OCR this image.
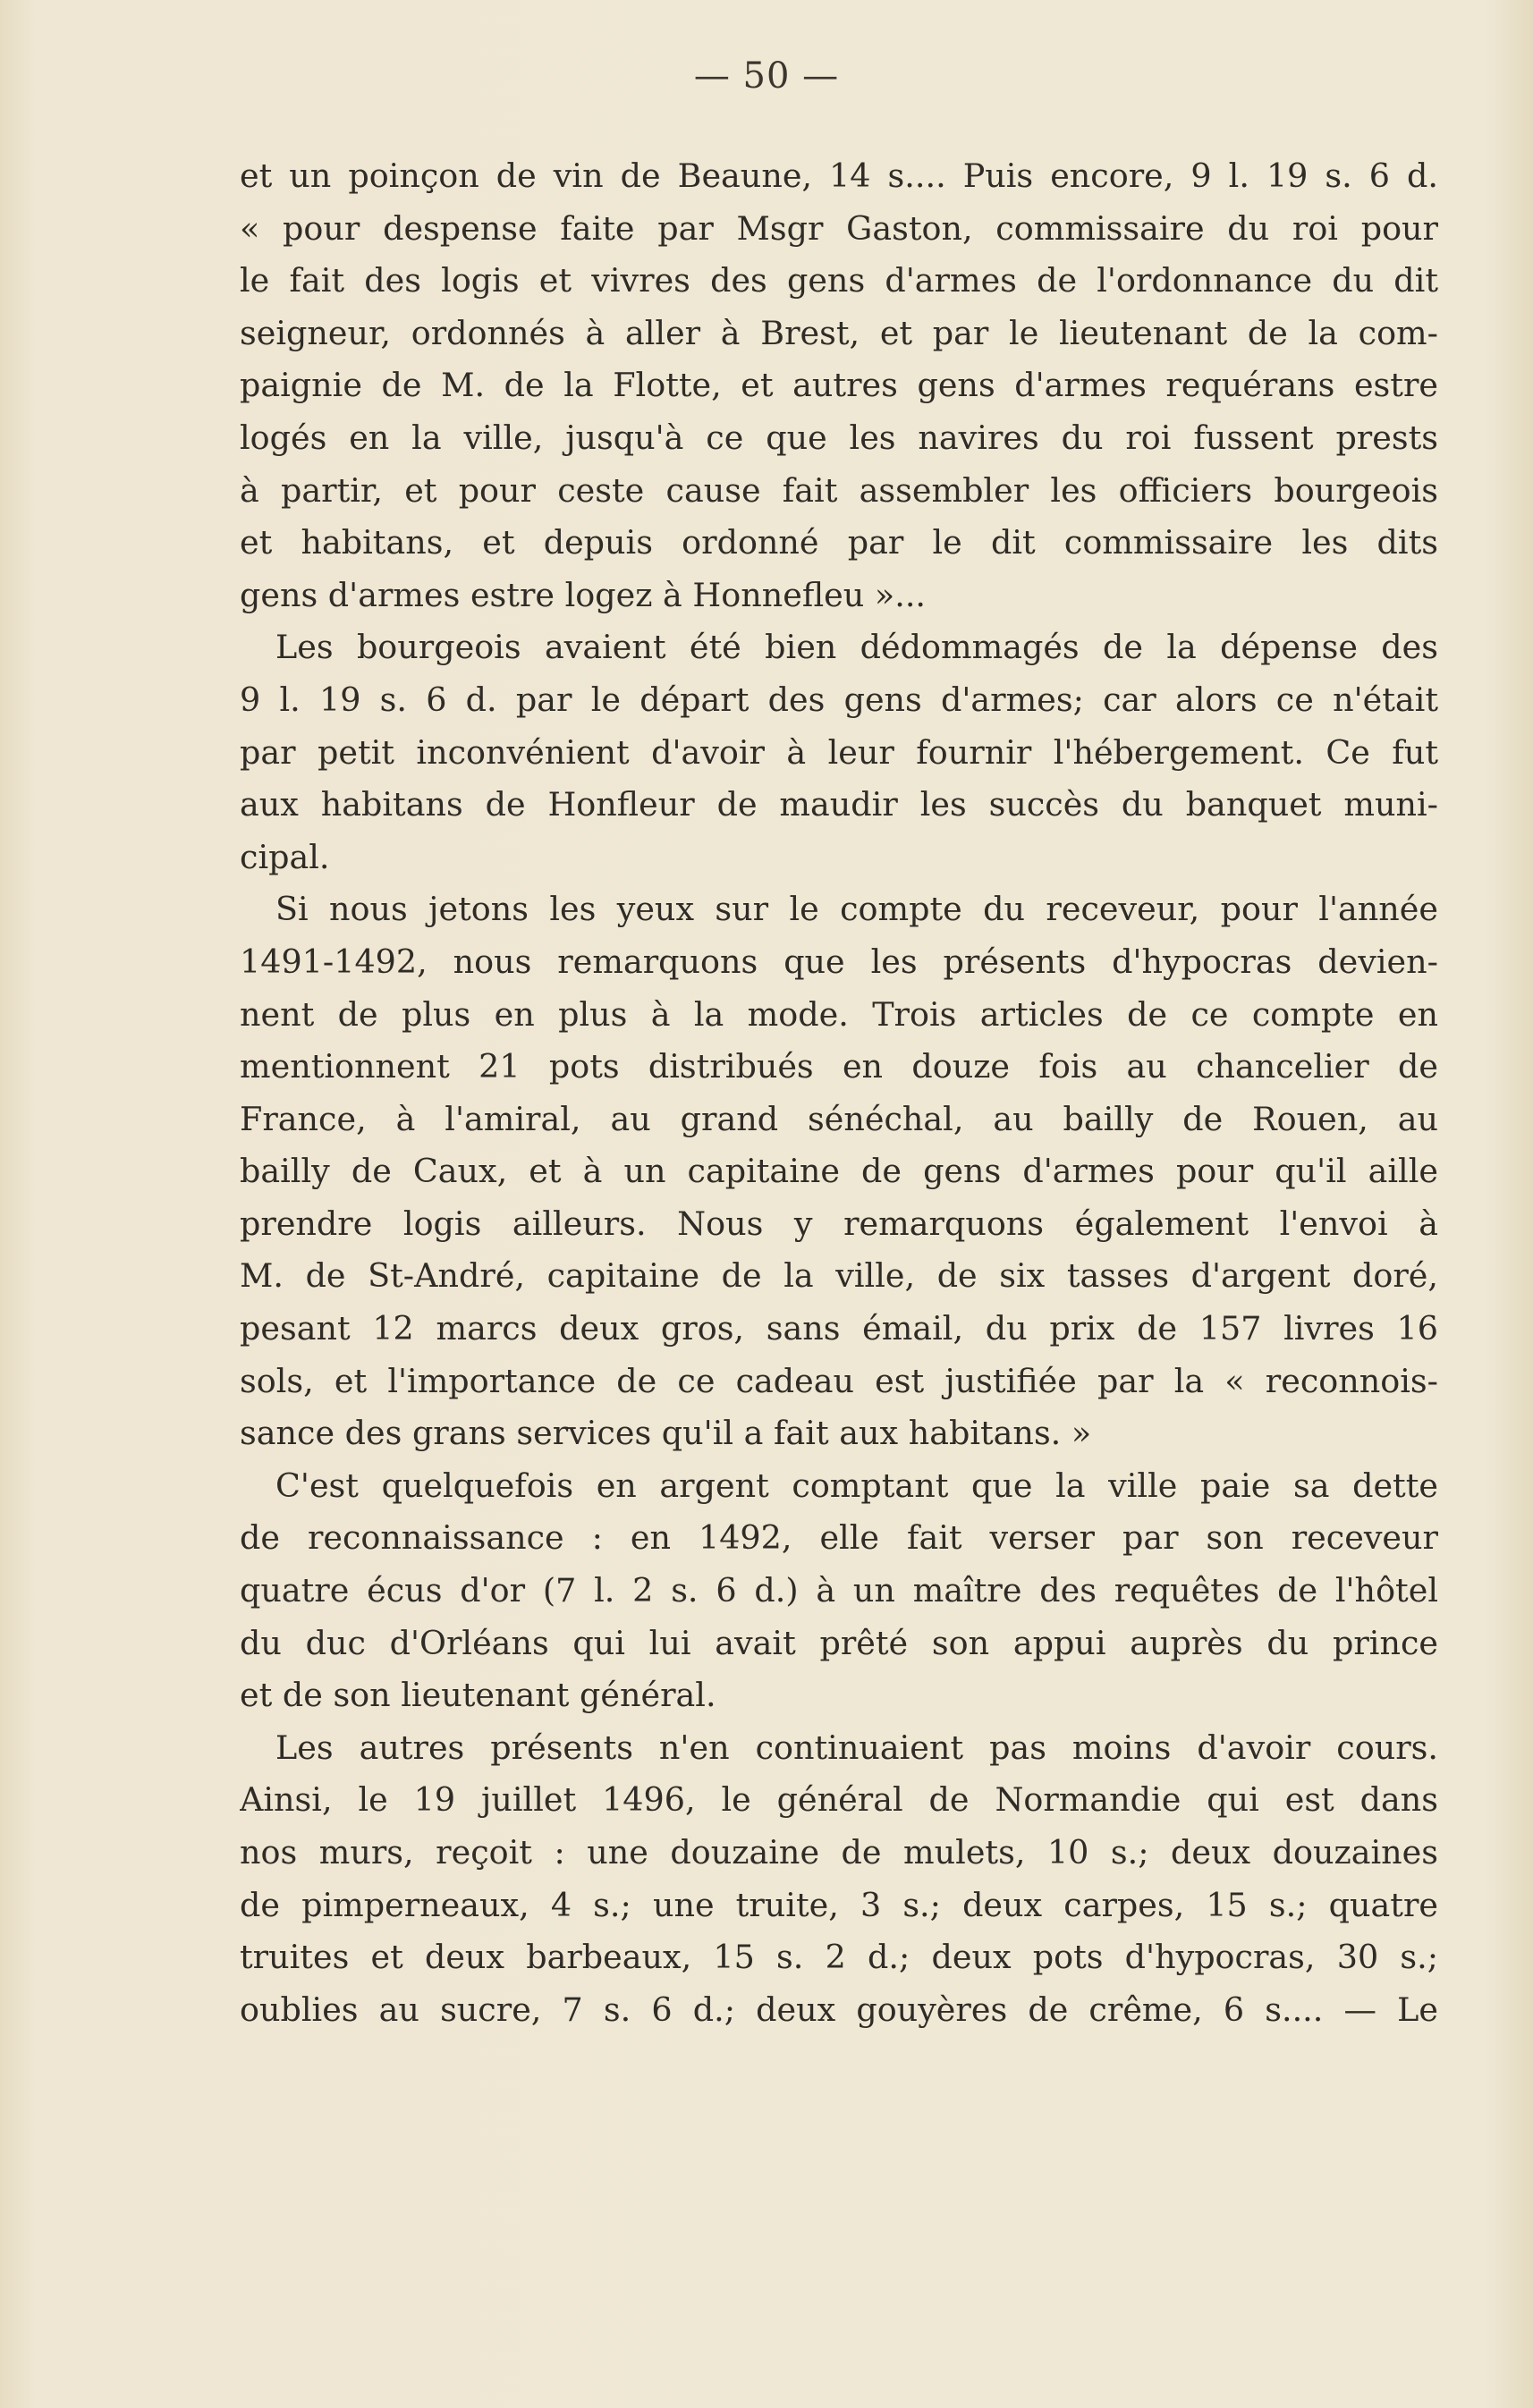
— 50 —
et un poinçon de vin de Beaune, 14 s.... Puis encore, 9 l. 19 s. 6 d.
« pour despense faite par Msgr Gaston, commissaire du roi pour
le fait des logis et vivres des gens d'armes de l'ordonnance du dit
seigneur, ordonnés à aller à Brest, et par le lieutenant de la com-
paignie de M. de la Flotte, et autres gens d'armes requérans estre
logés en la ville, jusqu'à ce que les navires du roi fussent prests
à partir, et pour ceste cause fait assembler les officiers bourgeois
et habitans, et depuis ordonné par le dit commissaire les dits
gens d'armes estre logez à Honnefleu »...
Les bourgeois avaient été bien dédommagés de la dépense des
9 l. 19 s. 6 d. par le départ des gens d'armes; car alors ce n'était
par petit inconvénient d'avoir à leur fournir l'hébergement. Ce fut
aux habitans de Honfleur de maudir les succès du banquet muni-
cipal.
Si nous jetons les yeux sur le compte du receveur, pour l'année
1491-1492, nous remarquons que les présents d'hypocras devien-
nent de plus en plus à la mode. Trois articles de ce compte en
mentionnent 21 pots distribués en douze fois au chancelier de
France, à l'amiral, au grand sénéchal, au bailly de Rouen, au
bailly de Caux, et à un capitaine de gens d'armes pour qu'il aille
prendre logis ailleurs. Nous y remarquons également l'envoi à
M. de St-André, capitaine de la ville, de six tasses d'argent doré,
pesant 12 marcs deux gros, sans émail, du prix de 157 livres 16
sols, et l'importance de ce cadeau est justifiée par la « reconnois-
sance des grans services qu'il a fait aux habitans. »
C'est quelquefois en argent comptant que la ville paie sa dette
de reconnaissance : en 1492, elle fait verser par son receveur
quatre écus d'or (7 l. 2 s. 6 d.) à un maître des requêtes de l'hôtel
du duc d'Orléans qui lui avait prêté son appui auprès du prince
et de son lieutenant général.
Les autres présents n'en continuaient pas moins d'avoir cours.
Ainsi, le 19 juillet 1496, le général de Normandie qui est dans
nos murs, reçoit : une douzaine de mulets, 10 s.; deux douzaines
de pimperneaux, 4 s.; une truite, 3 s.; deux carpes, 15 s.; quatre
truites et deux barbeaux, 15 s. 2 d.; deux pots d'hypocras, 30 s.;
oublies au sucre, 7 s. 6 d.; deux gouyères de crême, 6 s.... — Le
